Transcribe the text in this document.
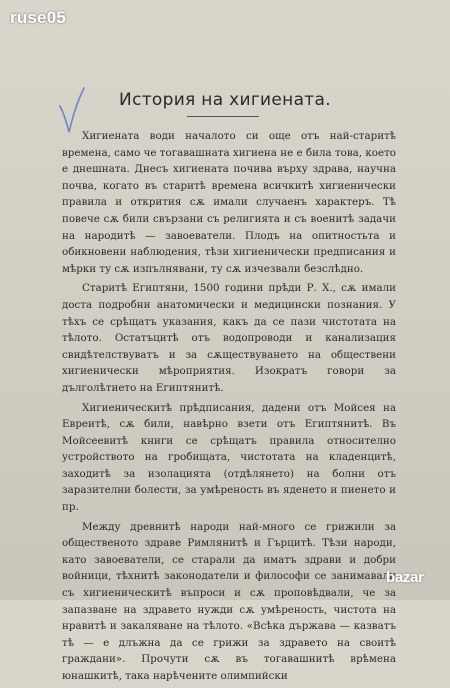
ruse05
История на хигиената.

Хигиената води началото си още отъ най-старитѣ времена, само че тогавашната хигиена не е била това, което е днешната. Днесъ хигиената почива върху здрава, научна почва, когато въ старитѣ времена всичкитѣ хигиенически правила и открития сѫ имали случаенъ характеръ. Тѣ повече сѫ били свързани съ религията и съ военитѣ задачи на народитѣ — завоеватели. Плодъ на опитностьта и обикновени наблюдения, тѣзи хигиенически предписания и мѣрки ту сѫ изпълнявани, ту сѫ изчезвали безслѣдно.

Старитѣ Египтяни, 1500 години прѣди Р. Х., сѫ имали доста подробни анатомически и медицински познания. У тѣхъ се срѣщатъ указания, какъ да се пази чистотата на тѣлото. Остатъцитѣ отъ водопроводи и канализация свидѣтелствуватъ и за сѫществуването на обществени хигиенически мѣроприятия. Изократъ говори за дълголѣтието на Египтянитѣ.

Хигиеническитѣ прѣдписания, дадени отъ Мойсея на Евреитѣ, сѫ били, навѣрно взети отъ Египтянитѣ. Въ Мойсеевитѣ книги се срѣщатъ правила относително устройството на гробищата, чистотата на кладенцитѣ, заходитѣ за изолацията (отдѣлянето) на болни отъ заразителни болести, за умѣреность въ яденето и пиенето и пр.

Между древнитѣ народи най-много се грижили за общественото здраве Римлянитѣ и Гърцитѣ. Тѣзи народи, като завоеватели, се старали да иматъ здрави и добри войници, тѣхнитѣ законодатели и философи се занимавали съ хигиеническитѣ въпроси и сѫ проповѣдвали, че за запазване на здравето нужди сѫ умѣреность, чистота на нравитѣ и закаляване на тѣлото. «Всѣка държава — казватъ тѣ — е длъжна да се грижи за здравето на своитѣ граждани». Прочути сѫ въ тогавашнитѣ врѣмена юнашкитѣ, така нарѣчените олимпийски

bazar
